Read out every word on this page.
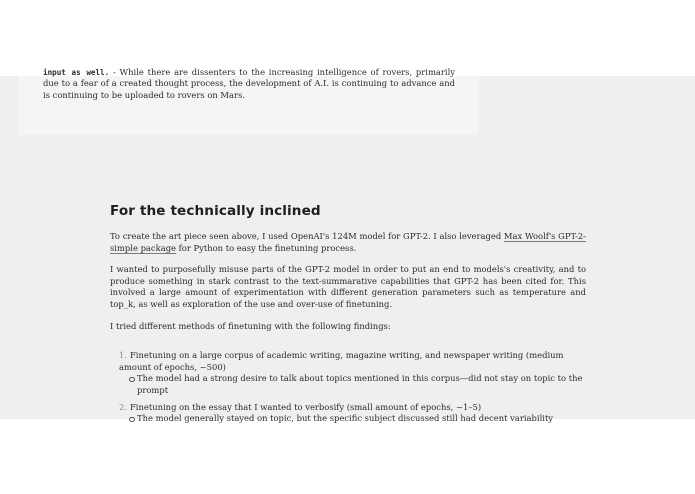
input as well. - While there are dissenters to the increasing intelligence of rovers, primarily due to a fear of a created thought process, the development of A.I. is continuing to advance and is continuing to be uploaded to rovers on Mars.

For the technically inclined

To create the art piece seen above, I used OpenAI's 124M model for GPT-2. I also leveraged Max Woolf's GPT-2-simple package for Python to easy the finetuning process.

I wanted to purposefully misuse parts of the GPT-2 model in order to put an end to models's creativity, and to produce something in stark contrast to the text-summarative capabilities that GPT-2 has been cited for. This involved a large amount of experimentation with different generation parameters such as temperature and top_k, as well as exploration of the use and over-use of finetuning.

I tried different methods of finetuning with the following findings:

1. Finetuning on a large corpus of academic writing, magazine writing, and newspaper writing (medium amount of epochs, ~500)
The model had a strong desire to talk about topics mentioned in this corpus—did not stay on topic to the prompt
2. Finetuning on the essay that I wanted to verbosify (small amount of epochs, ~1–5)
The model generally stayed on topic, but the specific subject discussed still had decent variability
